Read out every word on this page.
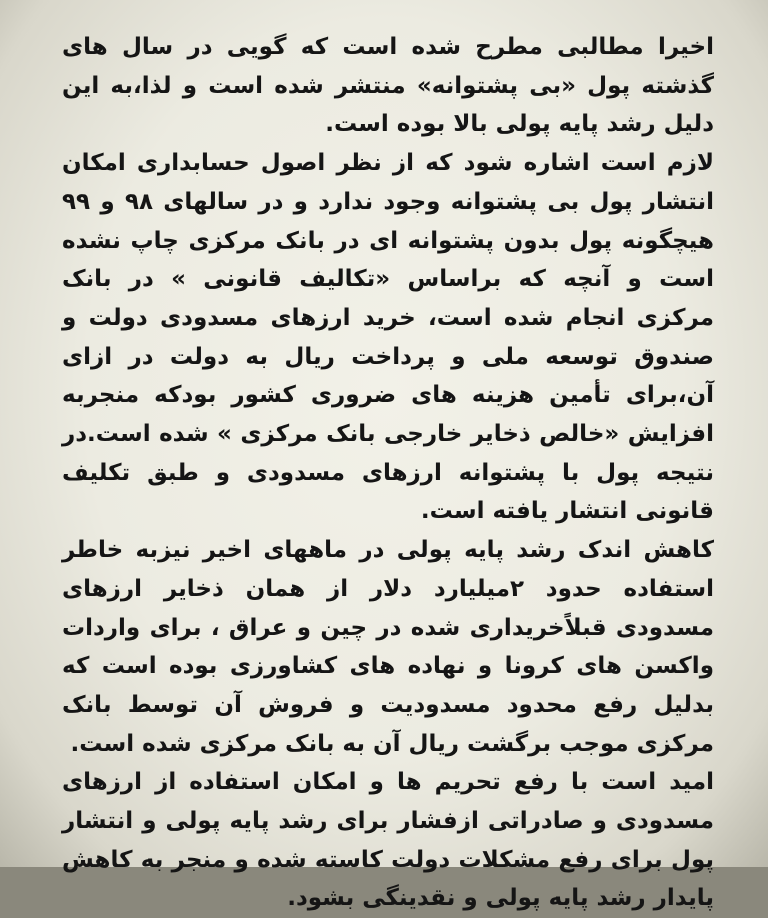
اخیرا مطالبی مطرح شده است که گویی در سال های گذشته پول «بی پشتوانه» منتشر شده است و لذا،به این دلیل رشد پایه پولی بالا بوده است.

لازم است اشاره شود که از نظر اصول حسابداری امکان انتشار پول بی پشتوانه وجود ندارد و در سالهای ۹۸ و ۹۹ هیچگونه پول بدون پشتوانه ای در بانک مرکزی چاپ نشده است و آنچه که براساس «تکالیف قانونی » در بانک مرکزی انجام شده است، خرید ارزهای مسدودی دولت و صندوق توسعه ملی و پرداخت ریال به دولت در ازای آن،برای تأمین هزینه های ضروری کشور بودکه منجربه افزایش «خالص ذخایر خارجی بانک مرکزی » شده است.در نتیجه پول با پشتوانه ارزهای مسدودی و طبق تکلیف قانونی انتشار یافته است.

کاهش اندک رشد پایه پولی در ماههای اخیر نیزبه خاطر استفاده حدود ۲میلیارد دلار از همان ذخایر ارزهای مسدودی قبلاًخریداری شده در چین و عراق ، برای واردات واکسن های کرونا و نهاده های کشاورزی بوده است که بدلیل رفع محدود مسدودیت و فروش آن توسط بانک مرکزی موجب برگشت ریال آن به بانک مرکزی شده است.

امید است با رفع تحریم ها و امکان استفاده از ارزهای مسدودی و صادراتی ازفشار برای رشد پایه پولی و انتشار پول برای رفع مشکلات دولت کاسته شده و منجر به کاهش پایدار رشد پایه پولی و نقدینگی بشود.
